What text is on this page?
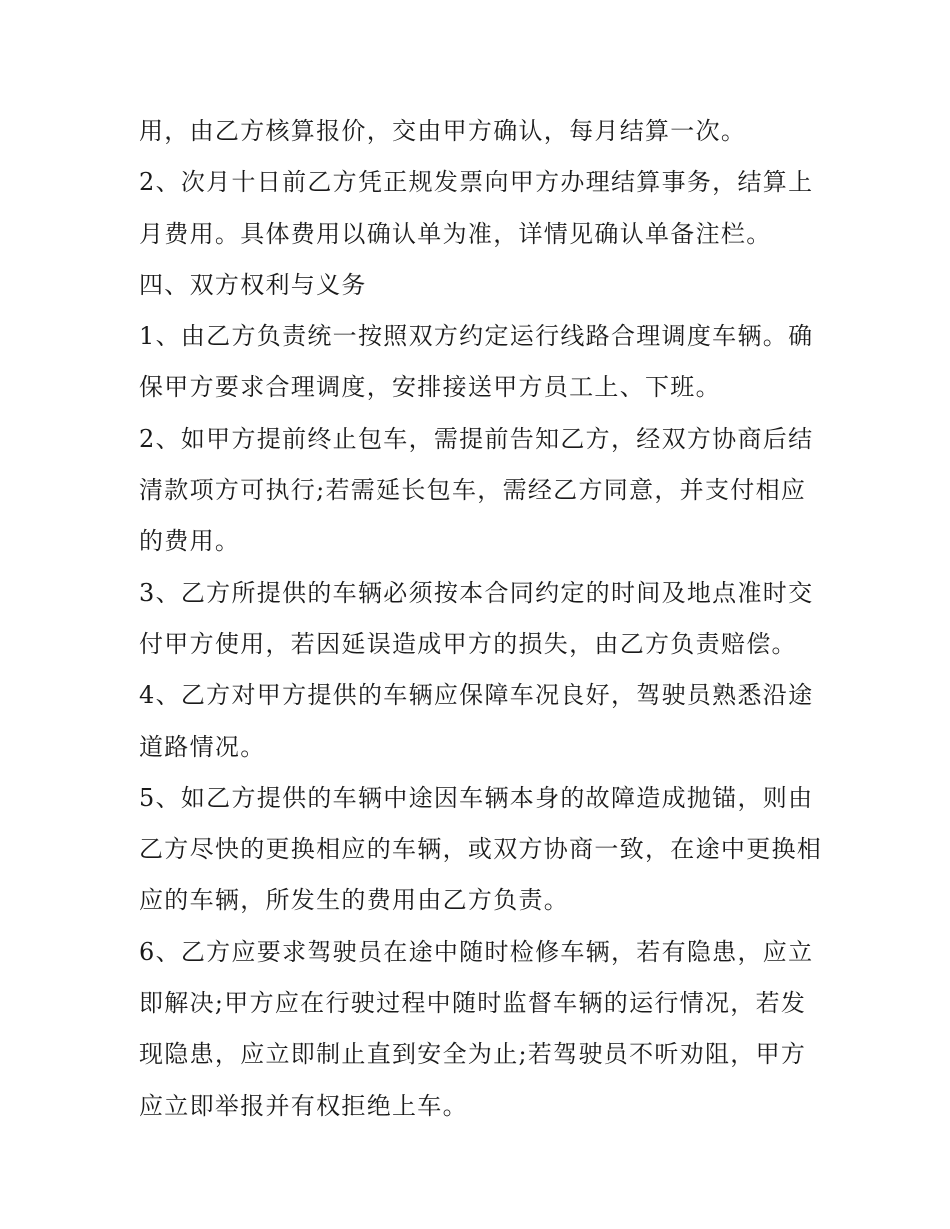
用，由乙方核算报价，交由甲方确认，每月结算一次。
2、次月十日前乙方凭正规发票向甲方办理结算事务，结算上
月费用。具体费用以确认单为准，详情见确认单备注栏。
四、双方权利与义务
1、由乙方负责统一按照双方约定运行线路合理调度车辆。确
保甲方要求合理调度，安排接送甲方员工上、下班。
2、如甲方提前终止包车，需提前告知乙方，经双方协商后结
清款项方可执行;若需延长包车，需经乙方同意，并支付相应
的费用。
3、乙方所提供的车辆必须按本合同约定的时间及地点准时交
付甲方使用，若因延误造成甲方的损失，由乙方负责赔偿。
4、乙方对甲方提供的车辆应保障车况良好，驾驶员熟悉沿途
道路情况。
5、如乙方提供的车辆中途因车辆本身的故障造成抛锚，则由
乙方尽快的更换相应的车辆，或双方协商一致，在途中更换相
应的车辆，所发生的费用由乙方负责。
6、乙方应要求驾驶员在途中随时检修车辆，若有隐患，应立
即解决;甲方应在行驶过程中随时监督车辆的运行情况，若发
现隐患，应立即制止直到安全为止;若驾驶员不听劝阻，甲方
应立即举报并有权拒绝上车。
